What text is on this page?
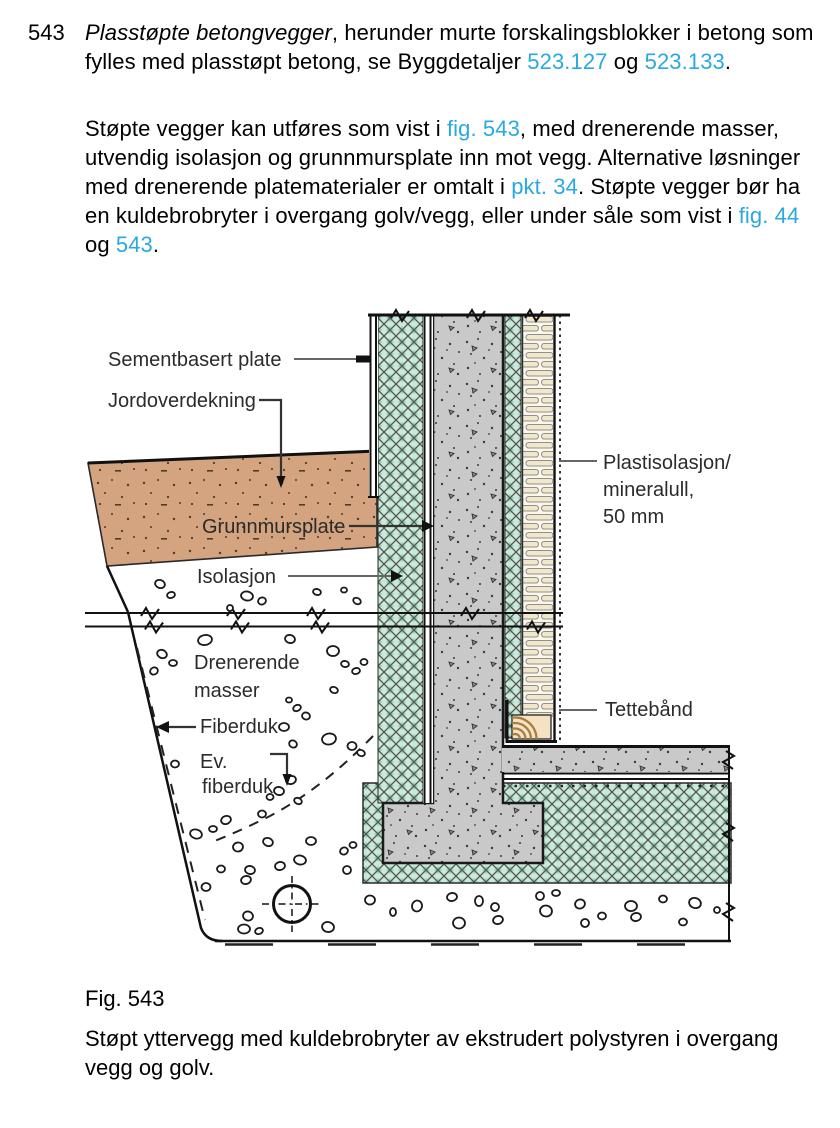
543 Plasstøpte betongvegger, herunder murte forskalingsblokker i betong som fylles med plasstøpt betong, se Byggdetaljer 523.127 og 523.133.
Støpte vegger kan utføres som vist i fig. 543, med drenerende masser, utvendig isolasjon og grunnmursplate inn mot vegg. Alternative løsninger med drenerende platematerialer er omtalt i pkt. 34. Støpte vegger bør ha en kuldebrobryter i overgang golv/vegg, eller under såle som vist i fig. 44 og 543.
Sementbasert plate
Jordoverdekning
Grunnmursplate
Isolasjon
Drenerende
masser
Fiberduk
Ev.
fiberduk
Plastisolasjon/
mineralull,
50 mm
Tettebånd
Fig. 543
Støpt yttervegg med kuldebrobryter av ekstrudert polystyren i overgang vegg og golv.
